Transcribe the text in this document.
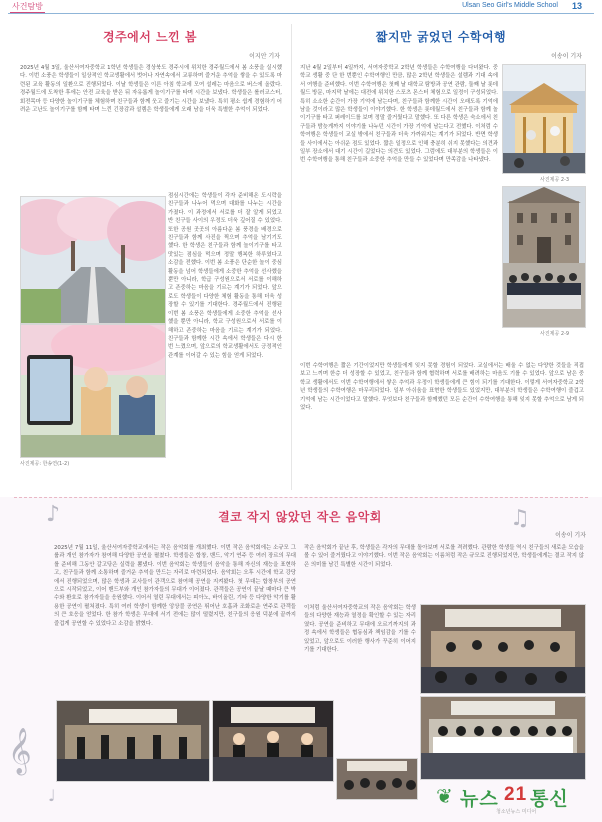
사건탐방	Ulsan Seo Girl's Middle School 13
경주에서 느낀 봄
이지안 기자
2025년 4월 3일, 울산서여자중학교 1학년 학생들은 경상북도 경주시에 위치한 경주월드에서 봄 소풍을 실시했다. 이번 소풍은 학생들이 일상적인 학교생활에서 벗어나 자연속에서 교류하며 즐거운 추억을 쌓을 수 있도록 마련된 교육 활동의 일환으로 진행되었다. 이날 학생들은 이른 아침 학교에 모여 설레는 마음으로 버스에 올랐다. 경주월드에 도착한 후에는 안전 교육을 받은 뒤 자유롭게 놀이기구를 타며 시간을 보냈다. 학생들은 롤러코스터, 회전목마 등 다양한 놀이기구를 체험하며 친구들과 함께 웃고 즐기는 시간을 보냈다. 특히 평소 쉽게 경험하기 어려운 고난도 놀이기구를 함께 타며 느낀 긴장감과 설렘은 학생들에게 오래 남을 더욱 특별한 추억이 되었다.
점심시간에는 학생들이 각자 준비해온 도시락을 친구들과 나누어 먹으며 대화를 나누는 시간을 가졌다. 이 과정에서 서로를 더 잘 알게 되었고 반 친구들 사이의 우정도 더욱 깊어질 수 있었다. 또한 공원 곳곳의 아름다운 봄 풍경을 배경으로 친구들과 함께 사진을 찍으며 추억을 남기기도 했다. 한 학생은 친구들과 함께 놀이기구를 타고 맛있는 점심을 먹으며 정말 행복한 하루였다고 소감을 전했다. 이번 봄 소풍은 단순한 놀이 중심 활동을 넘어 학생들에게 소중한 추억을 선사했을 뿐만 아니라, 학급 구성원으로서 서로를 이해하고 존중하는 마음을 기르는 계기가 되었다. 앞으로도 학생들이 다양한 체험 활동을 통해 더욱 성장할 수 있기를 기대한다. 경주월드에서 진행된 이번 봄 소풍은 학생들에게 소중한 추억을 선사했을 뿐만 아니라, 학교 구성원으로서 서로를 이해하고 존중하는 마음을 기르는 계기가 되었다. 친구들과 함께한 시간 속에서 학생들은 다시 한 번 느꼈으며, 앞으로의 학교생활에서도 긍정적인 관계를 이어갈 수 있는 힘을 얻게 되었다.
사진제공: 한송연(1-2)
짧지만 굵었던 수학여행
이송이 기자
지난 4월 2일부터 4일까지, 서여자중학교 2학년 학생들은 수학여행을 다녀왔다. 중학교 생활 중 단 한 번뿐인 수학여행인 만큼, 많은 2학년 학생들은 설렘과 기대 속에서 여행을 준비했다. 이번 수학여행은 첫째 날 대학교 탐방과 공연 관람, 둘째 날 롯데월드 방문, 마지막 날에는 대전에 위치한 스포츠 몬스터 체험으로 일정이 구성되었다. 특히 소소한 순간이 가장 기억에 남는다며, 친구들과 함께한 시간이 오래도록 기억에 남을 것이라고 많은 학생들이 이야기했다. 한 학생은 롯데월드에서 친구들과 함께 놀이기구를 타고 퍼레이드를 보며 정말 즐거웠다고 말했다. 또 다른 학생은 숙소에서 친구들과 밤늦게까지 이야기를 나누던 시간이 가장 기억에 남는다고 전했다. 이처럼 수학여행은 학생들이 교실 밖에서 친구들과 더욱 가까워지는 계기가 되었다. 반면 학생들 사이에서는 아쉬운 점도 있었다. 짧은 일정으로 인해 충분히 쉬지 못했다는 의견과 일부 장소에서 대기 시간이 길었다는 의견도 있었다. 그럼에도 대부분의 학생들은 이번 수학여행을 통해 친구들과 소중한 추억을 만들 수 있었다며 만족감을 나타냈다.
사진제공 2-3
사진제공 2-9
이번 수학여행은 짧은 기간이었지만 학생들에게 잊지 못할 경험이 되었다. 교실에서는 배울 수 없는 다양한 것들을 직접 보고 느끼며 한층 더 성장할 수 있었고, 친구들과 함께 협력하며 서로를 배려하는 마음도 기를 수 있었다. 앞으로 남은 중학교 생활에서도 이번 수학여행에서 쌓은 추억과 우정이 학생들에게 큰 힘이 되기를 기대한다. 이렇게 서여자중학교 2학년 학생들의 수학여행은 마무리되었다. 일부 아쉬움을 표현한 학생들도 있었지만, 대부분의 학생들은 수학여행이 즐겁고 기억에 남는 시간이었다고 말했다. 무엇보다 친구들과 함께했던 모든 순간이 수학여행을 통해 잊지 못할 추억으로 남게 되었다.
♪	♫
𝄞
♩
결코 작지 않았던 작은 음악회
이송이 기자
2025년 7월 11일, 울산서여자중학교에서는 작은 음악회를 개최했다. 이번 작은 음악회에는 소규모 그룹과 개인 참가자가 참여해 다양한 공연을 펼쳤다. 학생들은 합창, 밴드, 악기 연주 등 여러 장르의 무대를 준비해 그동안 갈고닦은 실력을 뽐냈다. 이번 음악회는 학생들이 음악을 통해 자신의 재능을 표현하고, 친구들과 함께 소통하며 즐거운 추억을 만드는 자리로 마련되었다. 음악회는 오후 시간에 학교 강당에서 진행되었으며, 많은 학생과 교사들이 관객으로 참여해 공연을 지켜봤다. 첫 무대는 합창부의 공연으로 시작되었고, 이어 밴드부와 개인 참가자들의 무대가 이어졌다. 관객들은 공연이 끝날 때마다 큰 박수와 환호로 참가자들을 응원했다. 이어서 열린 무대에서는 피아노, 바이올린, 기타 등 다양한 악기를 활용한 공연이 펼쳐졌다. 특히 여러 학생이 함께한 앙상블 공연은 뛰어난 호흡과 조화로운 연주로 관객들의 큰 호응을 얻었다. 한 참가 학생은 무대에 서기 전에는 많이 떨렸지만, 친구들의 응원 덕분에 끝까지 즐겁게 공연할 수 있었다고 소감을 밝혔다.
작은 음악회가 끝난 후, 학생들은 각자의 무대를 돌아보며 서로를 격려했다. 관람한 학생들 역시 친구들의 새로운 모습을 볼 수 있어 즐거웠다고 이야기했다. 이번 작은 음악회는 이름처럼 작은 규모로 진행되었지만, 학생들에게는 결코 작지 않은 의미를 남긴 특별한 시간이 되었다.
이처럼 울산서여자중학교의 작은 음악회는 학생들의 다양한 재능과 열정을 확인할 수 있는 자리였다. 공연을 준비하고 무대에 오르기까지의 과정 속에서 학생들은 협동심과 책임감을 기를 수 있었고, 앞으로도 이러한 행사가 꾸준히 이어지기를 기대한다.
❦ 뉴스 21 통신
청소년뉴스 미디어
